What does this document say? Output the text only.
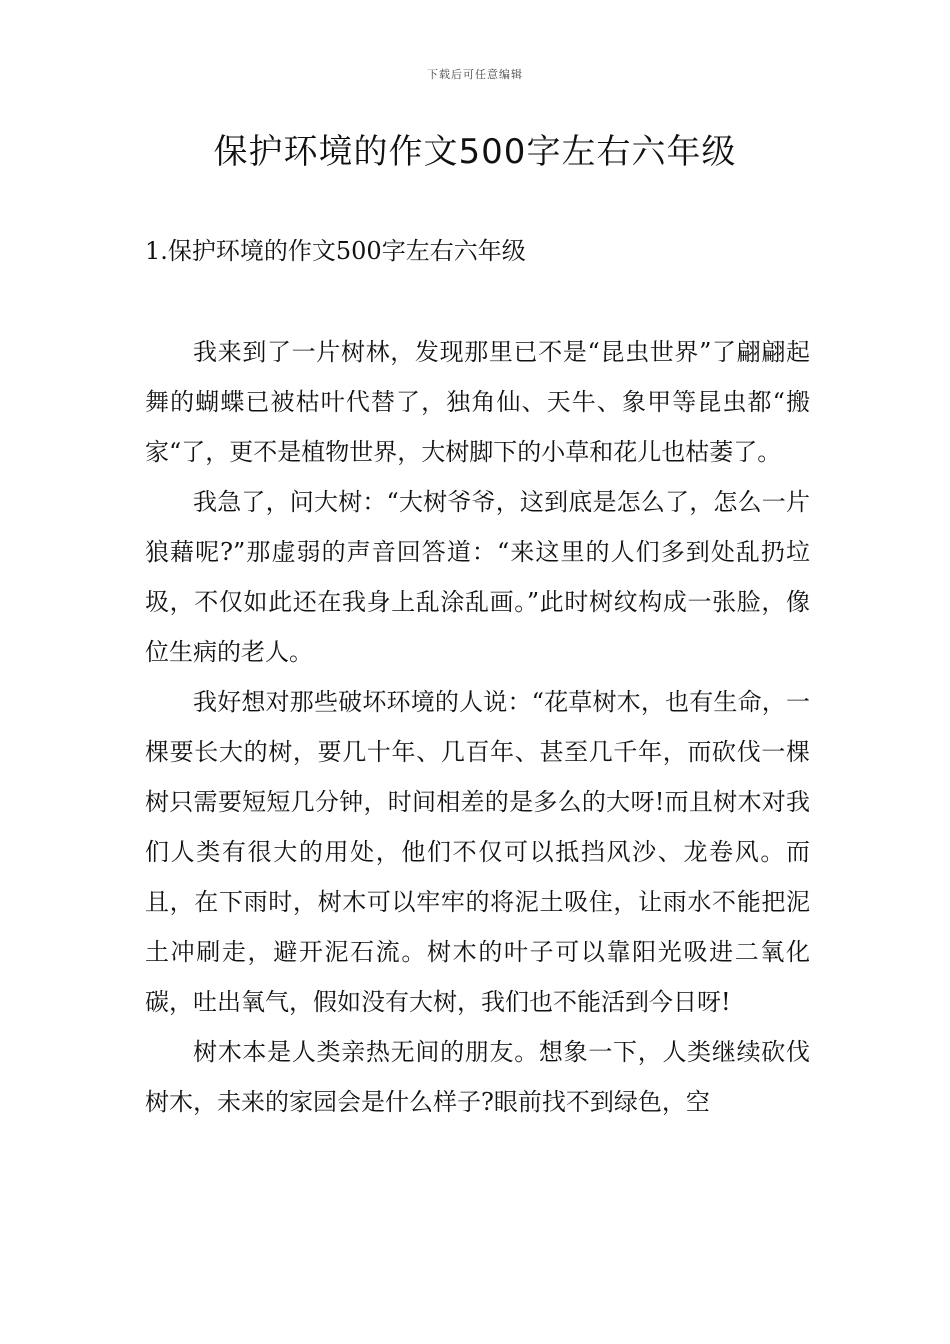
下载后可任意编辑
保护环境的作文500字左右六年级
1.保护环境的作文500字左右六年级

我来到了一片树林，发现那里已不是“昆虫世界”了翩翩起舞的蝴蝶已被枯叶代替了，独角仙、天牛、象甲等昆虫都“搬家“了，更不是植物世界，大树脚下的小草和花儿也枯萎了。

我急了，问大树：“大树爷爷，这到底是怎么了，怎么一片狼藉呢?”那虚弱的声音回答道：“来这里的人们多到处乱扔垃圾，不仅如此还在我身上乱涂乱画。”此时树纹构成一张脸，像位生病的老人。

我好想对那些破坏环境的人说：“花草树木，也有生命，一棵要长大的树，要几十年、几百年、甚至几千年，而砍伐一棵树只需要短短几分钟，时间相差的是多么的大呀!而且树木对我们人类有很大的用处，他们不仅可以抵挡风沙、龙卷风。而且，在下雨时，树木可以牢牢的将泥土吸住，让雨水不能把泥土冲刷走，避开泥石流。树木的叶子可以靠阳光吸进二氧化碳，吐出氧气，假如没有大树，我们也不能活到今日呀!

树木本是人类亲热无间的朋友。想象一下，人类继续砍伐树木，未来的家园会是什么样子?眼前找不到绿色，空
